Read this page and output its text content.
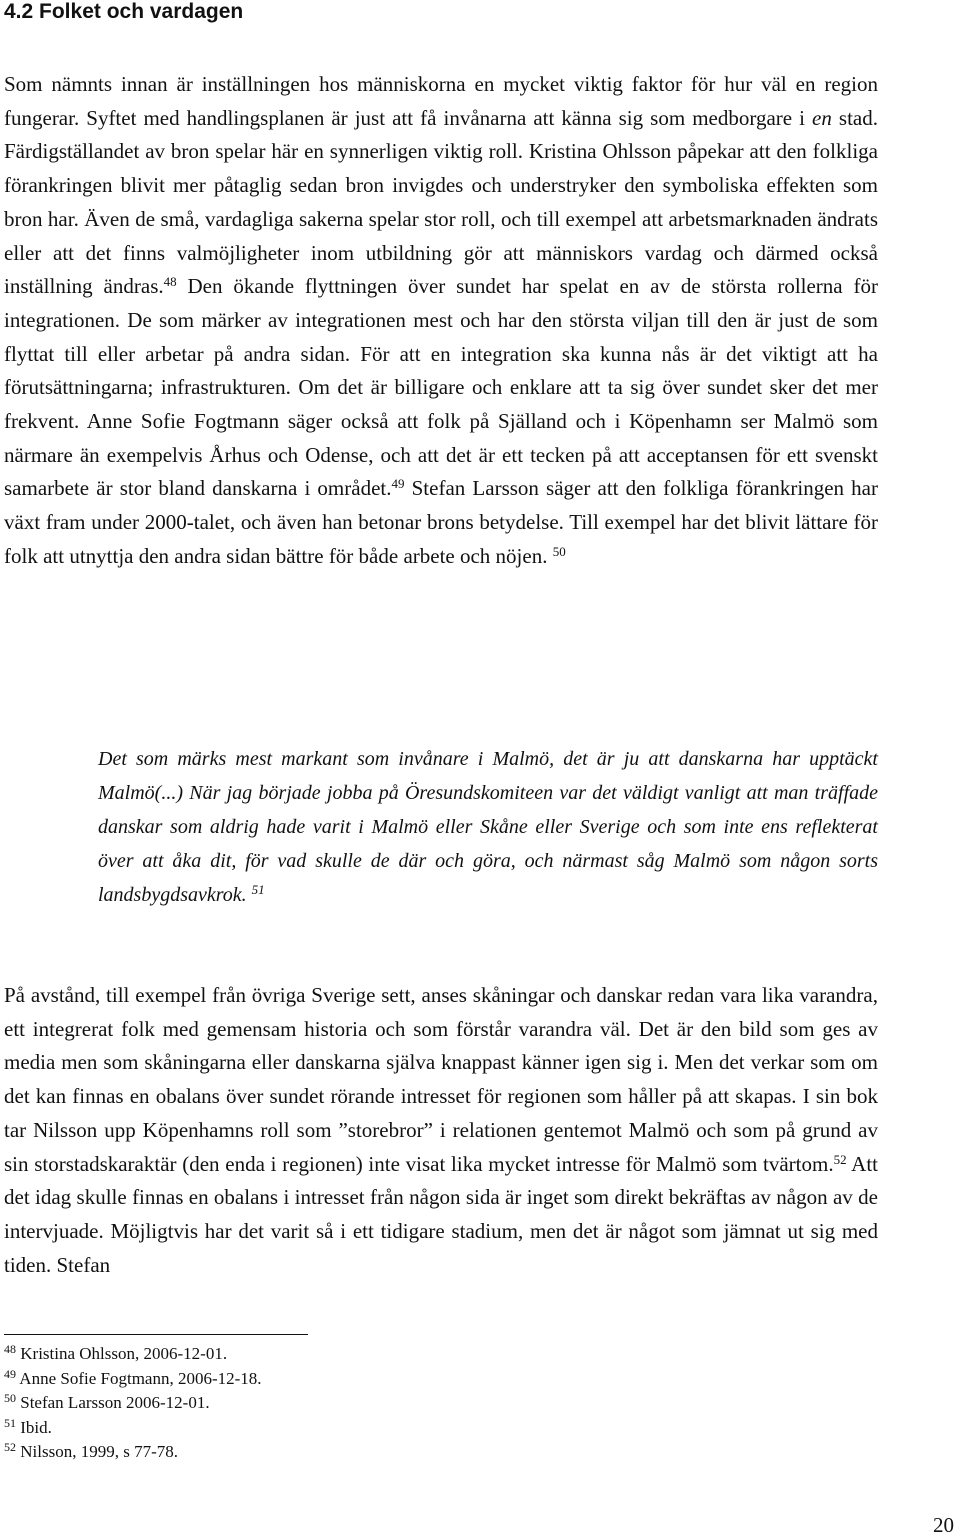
4.2 Folket och vardagen

Som nämnts innan är inställningen hos människorna en mycket viktig faktor för hur väl en region fungerar. Syftet med handlingsplanen är just att få invånarna att känna sig som medborgare i en stad. Färdigställandet av bron spelar här en synnerligen viktig roll. Kristina Ohlsson påpekar att den folkliga förankringen blivit mer påtaglig sedan bron invigdes och understryker den symboliska effekten som bron har. Även de små, vardagliga sakerna spelar stor roll, och till exempel att arbetsmarknaden ändrats eller att det finns valmöjligheter inom utbildning gör att människors vardag och därmed också inställning ändras.$^{48}$ Den ökande flyttningen över sundet har spelat en av de största rollerna för integrationen. De som märker av integrationen mest och har den största viljan till den är just de som flyttat till eller arbetar på andra sidan. För att en integration ska kunna nås är det viktigt att ha förutsättningarna; infrastrukturen. Om det är billigare och enklare att ta sig över sundet sker det mer frekvent. Anne Sofie Fogtmann säger också att folk på Själland och i Köpenhamn ser Malmö som närmare än exempelvis Århus och Odense, och att det är ett tecken på att acceptansen för ett svenskt samarbete är stor bland danskarna i området.$^{49}$ Stefan Larsson säger att den folkliga förankringen har växt fram under 2000-talet, och även han betonar brons betydelse. Till exempel har det blivit lättare för folk att utnyttja den andra sidan bättre för både arbete och nöjen. $^{50}$

Det som märks mest markant som invånare i Malmö, det är ju att danskarna har upptäckt Malmö(...) När jag började jobba på Öresundskomiteen var det väldigt vanligt att man träffade danskar som aldrig hade varit i Malmö eller Skåne eller Sverige och som inte ens reflekterat över att åka dit, för vad skulle de där och göra, och närmast såg Malmö som någon sorts landsbygdsavkrok. $^{51}$

På avstånd, till exempel från övriga Sverige sett, anses skåningar och danskar redan vara lika varandra, ett integrerat folk med gemensam historia och som förstår varandra väl. Det är den bild som ges av media men som skåningarna eller danskarna själva knappast känner igen sig i. Men det verkar som om det kan finnas en obalans över sundet rörande intresset för regionen som håller på att skapas. I sin bok tar Nilsson upp Köpenhamns roll som ”storebror” i relationen gentemot Malmö och som på grund av sin storstadskaraktär (den enda i regionen) inte visat lika mycket intresse för Malmö som tvärtom.$^{52}$ Att det idag skulle finnas en obalans i intresset från någon sida är inget som direkt bekräftas av någon av de intervjuade. Möjligtvis har det varit så i ett tidigare stadium, men det är något som jämnat ut sig med tiden. Stefan

$^{48}$ Kristina Ohlsson, 2006-12-01.
$^{49}$ Anne Sofie Fogtmann, 2006-12-18.
$^{50}$ Stefan Larsson 2006-12-01.
$^{51}$ Ibid.
$^{52}$ Nilsson, 1999, s 77-78.
20
